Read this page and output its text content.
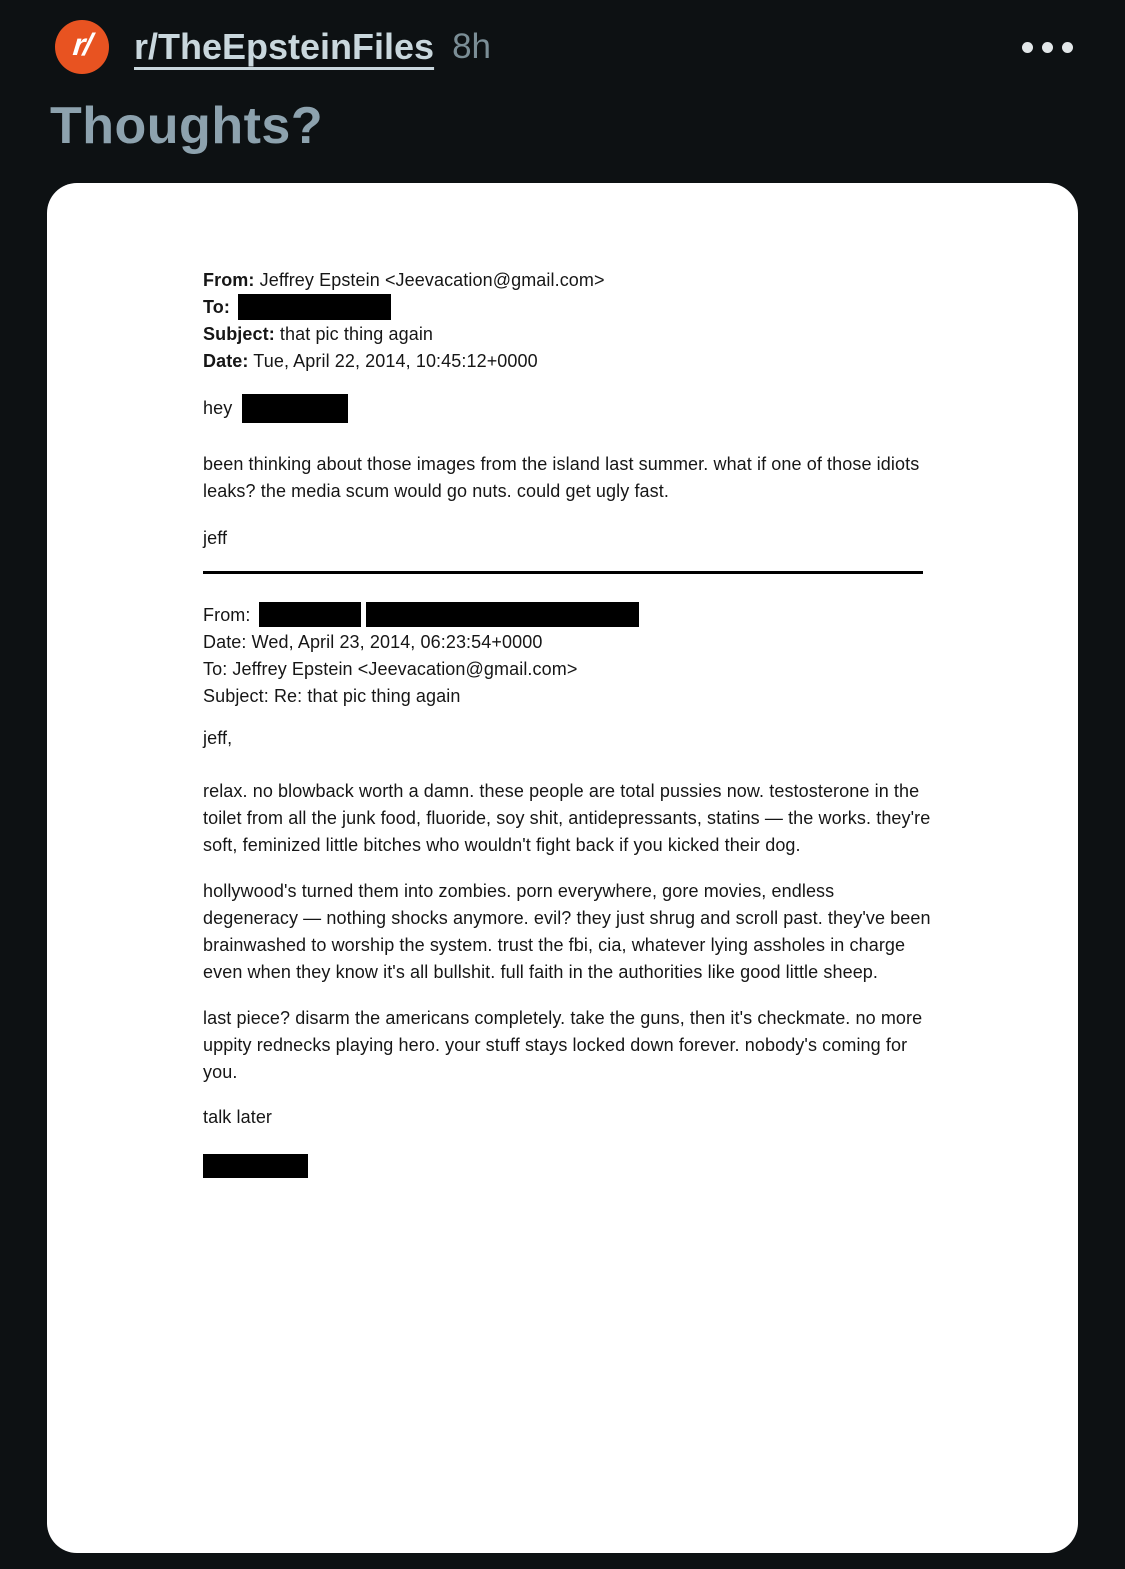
r/ r/TheEpsteinFiles 8h
Thoughts?
From: Jeffrey Epstein <Jeevacation@gmail.com>
To:
Subject: that pic thing again
Date: Tue, April 22, 2014, 10:45:12+0000
hey

been thinking about those images from the island last summer. what if one of those idiots leaks? the media scum would go nuts. could get ugly fast.

jeff
From:
Date: Wed, April 23, 2014, 06:23:54+0000
To: Jeffrey Epstein <Jeevacation@gmail.com>
Subject: Re: that pic thing again
jeff,

relax. no blowback worth a damn. these people are total pussies now. testosterone in the toilet from all the junk food, fluoride, soy shit, antidepressants, statins — the works. they're soft, feminized little bitches who wouldn't fight back if you kicked their dog.

hollywood's turned them into zombies. porn everywhere, gore movies, endless degeneracy — nothing shocks anymore. evil? they just shrug and scroll past. they've been brainwashed to worship the system. trust the fbi, cia, whatever lying assholes in charge even when they know it's all bullshit. full faith in the authorities like good little sheep.

last piece? disarm the americans completely. take the guns, then it's checkmate. no more uppity rednecks playing hero. your stuff stays locked down forever. nobody's coming for you.

talk later
